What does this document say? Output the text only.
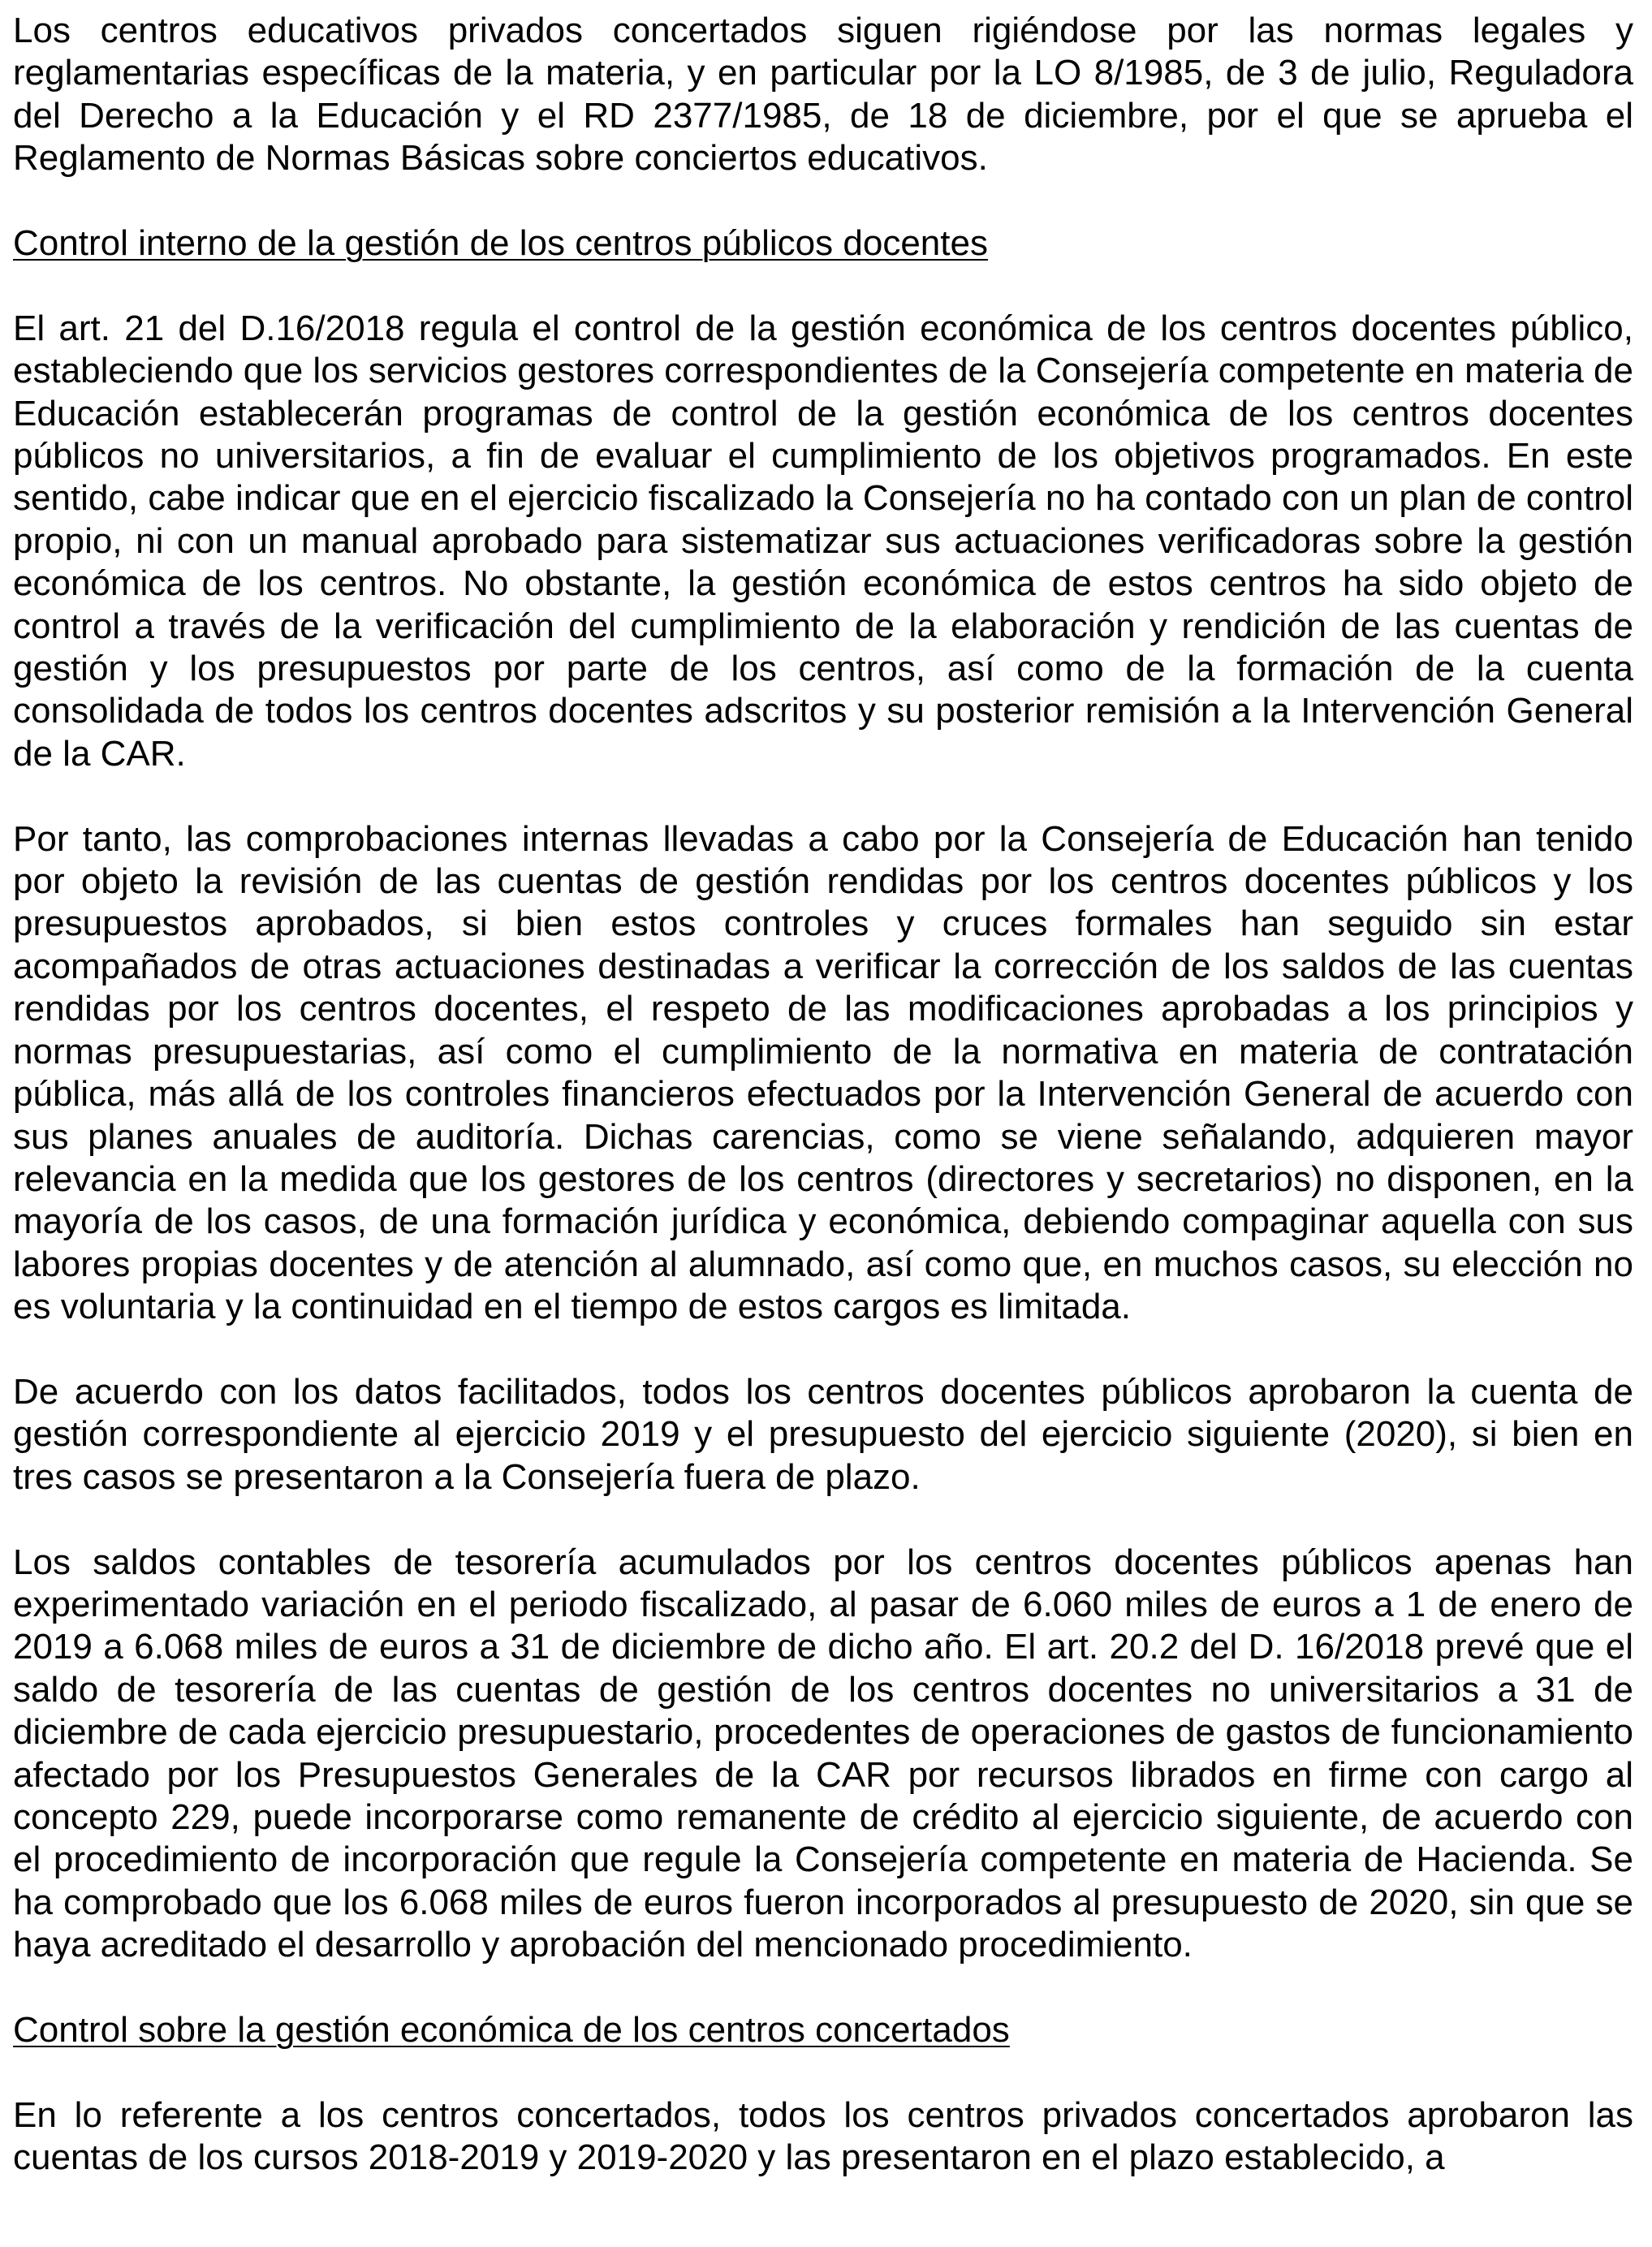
Los centros educativos privados concertados siguen rigiéndose por las normas legales y reglamentarias específicas de la materia, y en particular por la LO 8/1985, de 3 de julio, Reguladora del Derecho a la Educación y el RD 2377/1985, de 18 de diciembre, por el que se aprueba el Reglamento de Normas Básicas sobre conciertos educativos.

Control interno de la gestión de los centros públicos docentes

El art. 21 del D.16/2018 regula el control de la gestión económica de los centros docentes público, estableciendo que los servicios gestores correspondientes de la Consejería competente en materia de Educación establecerán programas de control de la gestión económica de los centros docentes públicos no universitarios, a fin de evaluar el cumplimiento de los objetivos programados. En este sentido, cabe indicar que en el ejercicio fiscalizado la Consejería no ha contado con un plan de control propio, ni con un manual aprobado para sistematizar sus actuaciones verificadoras sobre la gestión económica de los centros. No obstante, la gestión económica de estos centros ha sido objeto de control a través de la verificación del cumplimiento de la elaboración y rendición de las cuentas de gestión y los presupuestos por parte de los centros, así como de la formación de la cuenta consolidada de todos los centros docentes adscritos y su posterior remisión a la Intervención General de la CAR.

Por tanto, las comprobaciones internas llevadas a cabo por la Consejería de Educación han tenido por objeto la revisión de las cuentas de gestión rendidas por los centros docentes públicos y los presupuestos aprobados, si bien estos controles y cruces formales han seguido sin estar acompañados de otras actuaciones destinadas a verificar la corrección de los saldos de las cuentas rendidas por los centros docentes, el respeto de las modificaciones aprobadas a los principios y normas presupuestarias, así como el cumplimiento de la normativa en materia de contratación pública, más allá de los controles financieros efectuados por la Intervención General de acuerdo con sus planes anuales de auditoría. Dichas carencias, como se viene señalando, adquieren mayor relevancia en la medida que los gestores de los centros (directores y secretarios) no disponen, en la mayoría de los casos, de una formación jurídica y económica, debiendo compaginar aquella con sus labores propias docentes y de atención al alumnado, así como que, en muchos casos, su elección no es voluntaria y la continuidad en el tiempo de estos cargos es limitada.

De acuerdo con los datos facilitados, todos los centros docentes públicos aprobaron la cuenta de gestión correspondiente al ejercicio 2019 y el presupuesto del ejercicio siguiente (2020), si bien en tres casos se presentaron a la Consejería fuera de plazo.

Los saldos contables de tesorería acumulados por los centros docentes públicos apenas han experimentado variación en el periodo fiscalizado, al pasar de 6.060 miles de euros a 1 de enero de 2019 a 6.068 miles de euros a 31 de diciembre de dicho año. El art. 20.2 del D. 16/2018 prevé que el saldo de tesorería de las cuentas de gestión de los centros docentes no universitarios a 31 de diciembre de cada ejercicio presupuestario, procedentes de operaciones de gastos de funcionamiento afectado por los Presupuestos Generales de la CAR por recursos librados en firme con cargo al concepto 229, puede incorporarse como remanente de crédito al ejercicio siguiente, de acuerdo con el procedimiento de incorporación que regule la Consejería competente en materia de Hacienda. Se ha comprobado que los 6.068 miles de euros fueron incorporados al presupuesto de 2020, sin que se haya acreditado el desarrollo y aprobación del mencionado procedimiento.

Control sobre la gestión económica de los centros concertados

En lo referente a los centros concertados, todos los centros privados concertados aprobaron las cuentas de los cursos 2018-2019 y 2019-2020 y las presentaron en el plazo establecido, a
